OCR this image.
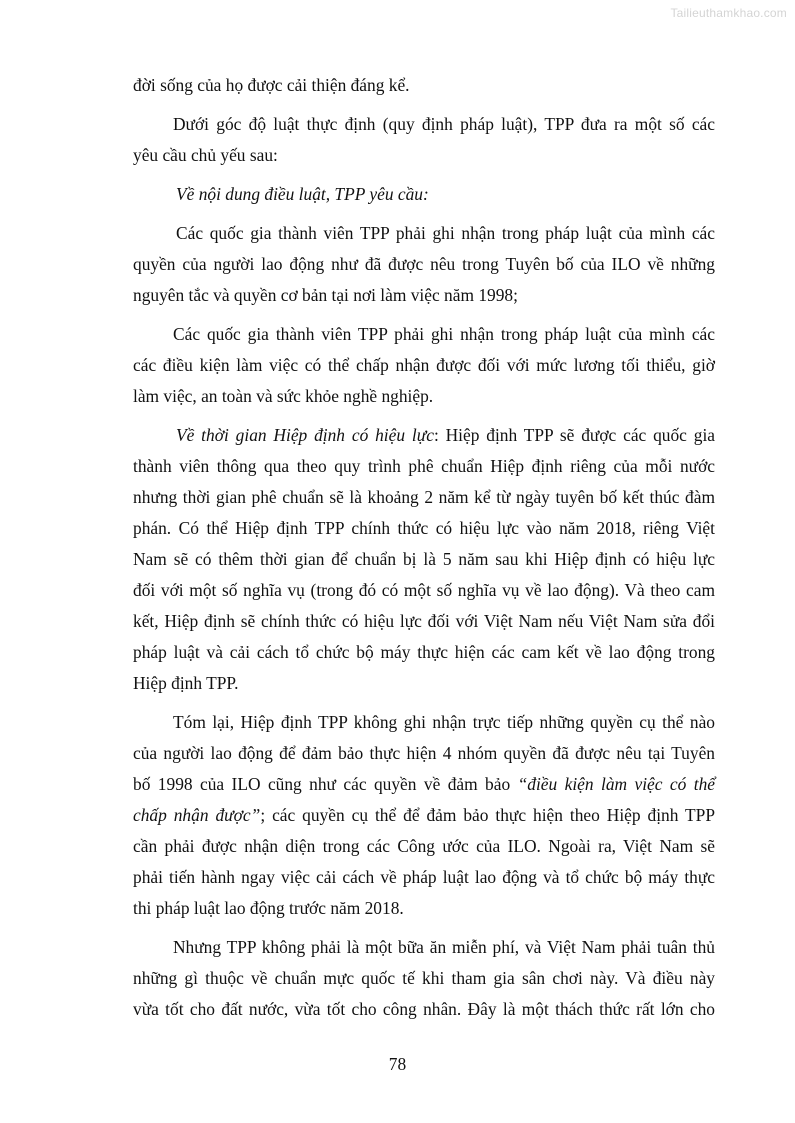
Tailieuthamkhao.com
đời sống của họ được cải thiện đáng kể.
Dưới góc độ luật thực định (quy định pháp luật), TPP đưa ra một số các
yêu cầu chủ yếu sau:
Về nội dung điều luật, TPP yêu cầu:
Các quốc gia thành viên TPP phải ghi nhận trong pháp luật của mình các
quyền của người lao động như đã được nêu trong Tuyên bố của ILO về những
nguyên tắc và quyền cơ bản tại nơi làm việc năm 1998;
Các quốc gia thành viên TPP phải ghi nhận trong pháp luật của mình các
các điều kiện làm việc có thể chấp nhận được đối với mức lương tối thiểu, giờ
làm việc, an toàn và sức khỏe nghề nghiệp.
Về thời gian Hiệp định có hiệu lực: Hiệp định TPP sẽ được các quốc gia
thành viên thông qua theo quy trình phê chuẩn Hiệp định riêng của mỗi nước
nhưng thời gian phê chuẩn sẽ là khoảng 2 năm kể từ ngày tuyên bố kết thúc đàm
phán. Có thể Hiệp định TPP chính thức có hiệu lực vào năm 2018, riêng Việt
Nam sẽ có thêm thời gian để chuẩn bị là 5 năm sau khi Hiệp định có hiệu lực
đối với một số nghĩa vụ (trong đó có một số nghĩa vụ về lao động). Và theo cam
kết, Hiệp định sẽ chính thức có hiệu lực đối với Việt Nam nếu Việt Nam sửa đổi
pháp luật và cải cách tổ chức bộ máy thực hiện các cam kết về lao động trong
Hiệp định TPP.
Tóm lại, Hiệp định TPP không ghi nhận trực tiếp những quyền cụ thể nào
của người lao động để đảm bảo thực hiện 4 nhóm quyền đã được nêu tại Tuyên
bố 1998 của ILO cũng như các quyền về đảm bảo “điều kiện làm việc có thể
chấp nhận được”; các quyền cụ thể để đảm bảo thực hiện theo Hiệp định TPP
cần phải được nhận diện trong các Công ước của ILO. Ngoài ra, Việt Nam sẽ
phải tiến hành ngay việc cải cách về pháp luật lao động và tổ chức bộ máy thực
thi pháp luật lao động trước năm 2018.
Nhưng TPP không phải là một bữa ăn miễn phí, và Việt Nam phải tuân thủ
những gì thuộc về chuẩn mực quốc tế khi tham gia sân chơi này. Và điều này
vừa tốt cho đất nước, vừa tốt cho công nhân. Đây là một thách thức rất lớn cho
78
